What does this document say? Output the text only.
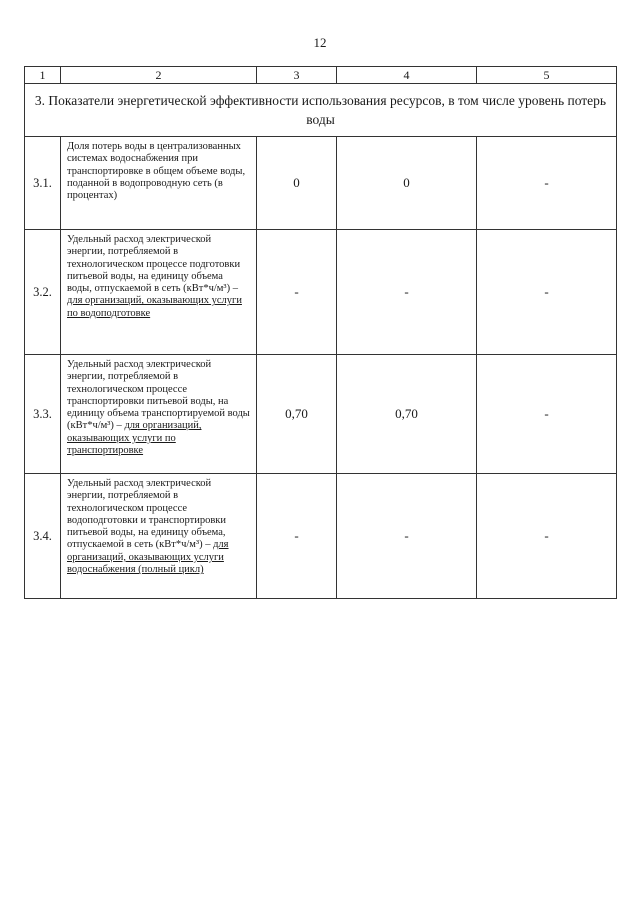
12
1	2	3	4	5
3. Показатели энергетической эффективности использования ресурсов, в том числе уровень потерь воды				
3.1.	Доля потерь воды в централизованных системах водоснабжения при транспортировке в общем объеме воды, поданной в водопроводную сеть (в процентах)	0	0	-
3.2.	Удельный расход электрической энергии, потребляемой в технологическом процессе подготовки питьевой воды, на единицу объема воды, отпускаемой в сеть (кВт*ч/м³) – для организаций, оказывающих услуги по водоподготовке	-	-	-
3.3.	Удельный расход электрической энергии, потребляемой в технологическом процессе транспортировки питьевой воды, на единицу объема транспортируемой воды (кВт*ч/м³) – для организаций, оказывающих услуги по транспортировке	0,70	0,70	-
3.4.	Удельный расход электрической энергии, потребляемой в технологическом процессе водоподготовки и транспортировки питьевой воды, на единицу объема, отпускаемой в сеть (кВт*ч/м³) – для организаций, оказывающих услуги водоснабжения (полный цикл)	-	-	-
